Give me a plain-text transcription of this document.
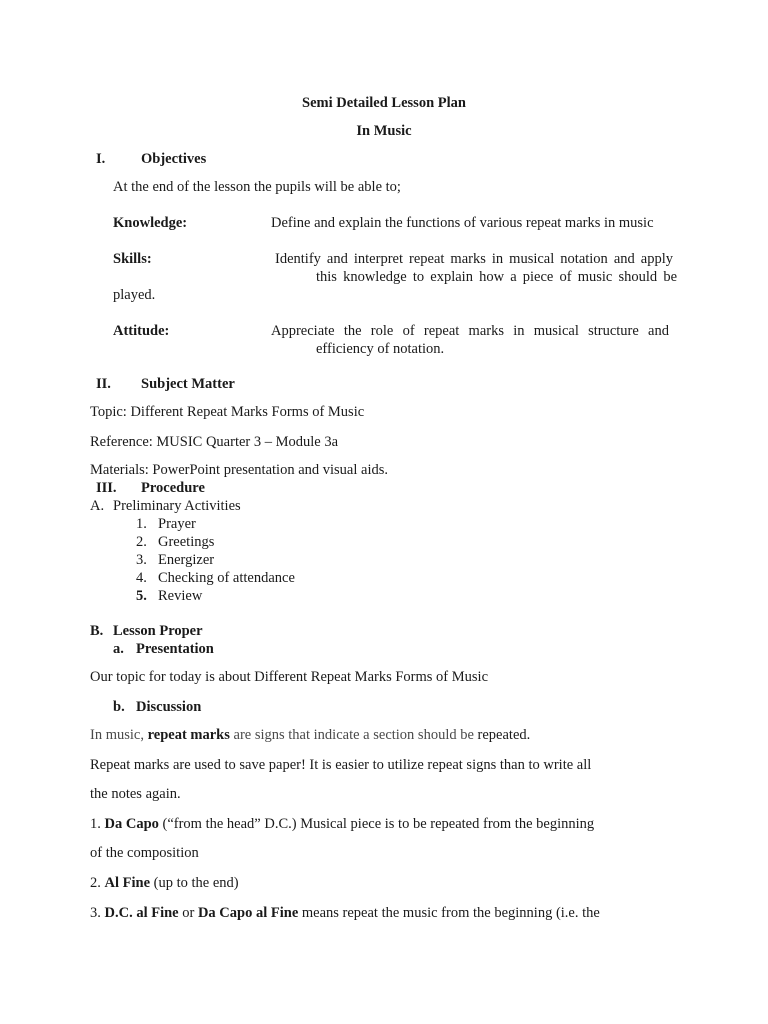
Semi Detailed Lesson Plan
In Music
I. Objectives
At the end of the lesson the pupils will be able to;
Knowledge:	Define and explain the functions of various repeat marks in music
Skills:	Identify and interpret repeat marks in musical notation and apply
this knowledge to explain how a piece of music should be
played.
Attitude:	Appreciate the role of repeat marks in musical structure and
efficiency of notation.
II. Subject Matter
Topic: Different Repeat Marks Forms of Music
Reference: MUSIC Quarter 3 – Module 3a
Materials: PowerPoint presentation and visual aids.
III. Procedure
A. Preliminary Activities
1. Prayer
2. Greetings
3. Energizer
4. Checking of attendance
5. Review
B. Lesson Proper
a. Presentation
Our topic for today is about Different Repeat Marks Forms of Music
b. Discussion
In music, repeat marks are signs that indicate a section should be repeated.
Repeat marks are used to save paper! It is easier to utilize repeat signs than to write all
the notes again.
1. Da Capo (“from the head” D.C.) Musical piece is to be repeated from the beginning
of the composition
2. Al Fine (up to the end)
3. D.C. al Fine or Da Capo al Fine means repeat the music from the beginning (i.e. the
